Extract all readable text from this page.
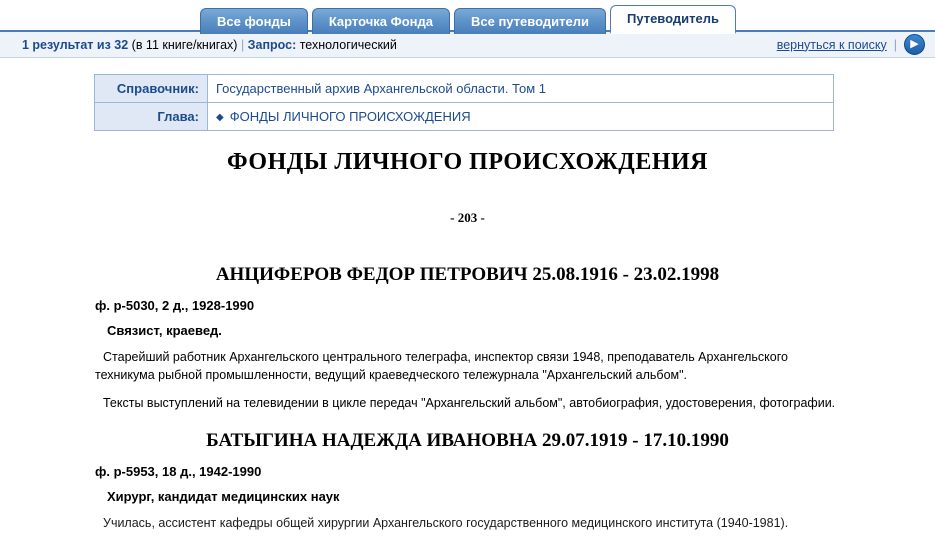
Все фонды	Карточка Фонда	Все путеводители	Путеводитель
1 результат из 32 (в 11 книге/книгах) | Запрос: технологический	вернуться к поиску |	▶
Справочник:	Государственный архив Архангельской области. Том 1
Глава:	◆ ФОНДЫ ЛИЧНОГО ПРОИСХОЖДЕНИЯ
ФОНДЫ ЛИЧНОГО ПРОИСХОЖДЕНИЯ
- 203 -
АНЦИФЕРОВ ФЕДОР ПЕТРОВИЧ 25.08.1916 - 23.02.1998
ф. р-5030, 2 д., 1928-1990
Связист, краевед.
Старейший работник Архангельского центрального телеграфа, инспектор связи 1948, преподаватель Архангельского техникума рыбной промышленности, ведущий краеведческого тележурнала "Архангельский альбом".
Тексты выступлений на телевидении в цикле передач "Архангельский альбом", автобиография, удостоверения, фотографии.
БАТЫГИНА НАДЕЖДА ИВАНОВНА 29.07.1919 - 17.10.1990
ф. р-5953, 18 д., 1942-1990
Хирург, кандидат медицинских наук
Училась, ассистент кафедры общей хирургии Архангельского государственного медицинского института (1940-1981).
